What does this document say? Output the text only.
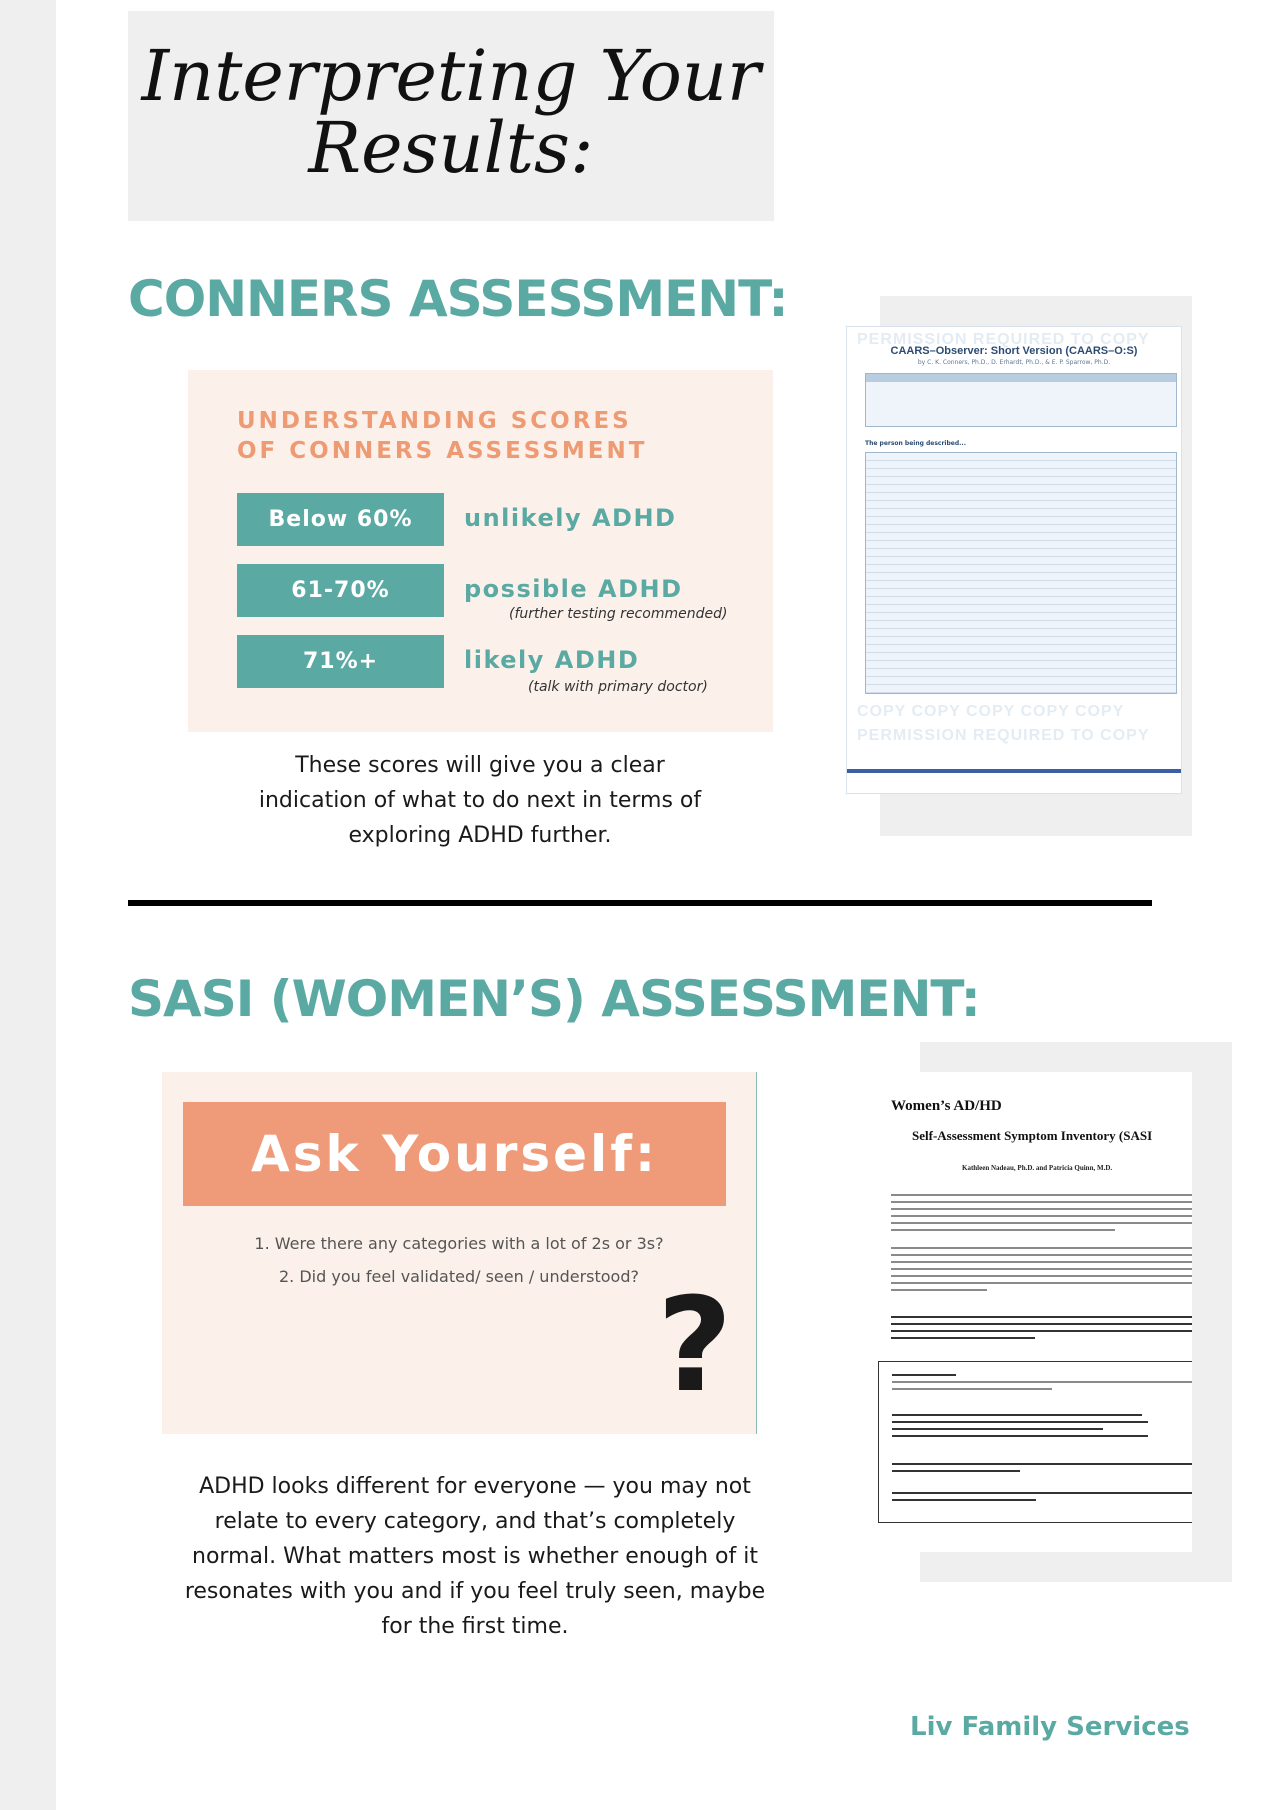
Interpreting Your Results:
CONNERS ASSESSMENT:
UNDERSTANDING SCORES OF CONNERS ASSESSMENT
Below 60%	unlikely ADHD
61-70%	possible ADHD
(further testing recommended)
71%+	likely ADHD
(talk with primary doctor)

These scores will give you a clear indication of what to do next in terms of exploring ADHD further.

PERMISSION REQUIRED TO COPY
CAARS–Observer: Short Version (CAARS–O:S)
by C. K. Conners, Ph.D., D. Erhardt, Ph.D., & E. P. Sparrow, Ph.D.
The person being described...
COPY COPY COPY COPY COPY
PERMISSION REQUIRED TO COPY
SASI (WOMEN’S) ASSESSMENT:
Ask Yourself:
1. Were there any categories with a lot of 2s or 3s?
2. Did you feel validated/ seen / understood? ?

ADHD looks different for everyone — you may not relate to every category, and that’s completely normal. What matters most is whether enough of it resonates with you and if you feel truly seen, maybe for the first time.

Women’s AD/HD
Self-Assessment Symptom Inventory (SASI
Kathleen Nadeau, Ph.D. and Patricia Quinn, M.D.
Liv Family Services
